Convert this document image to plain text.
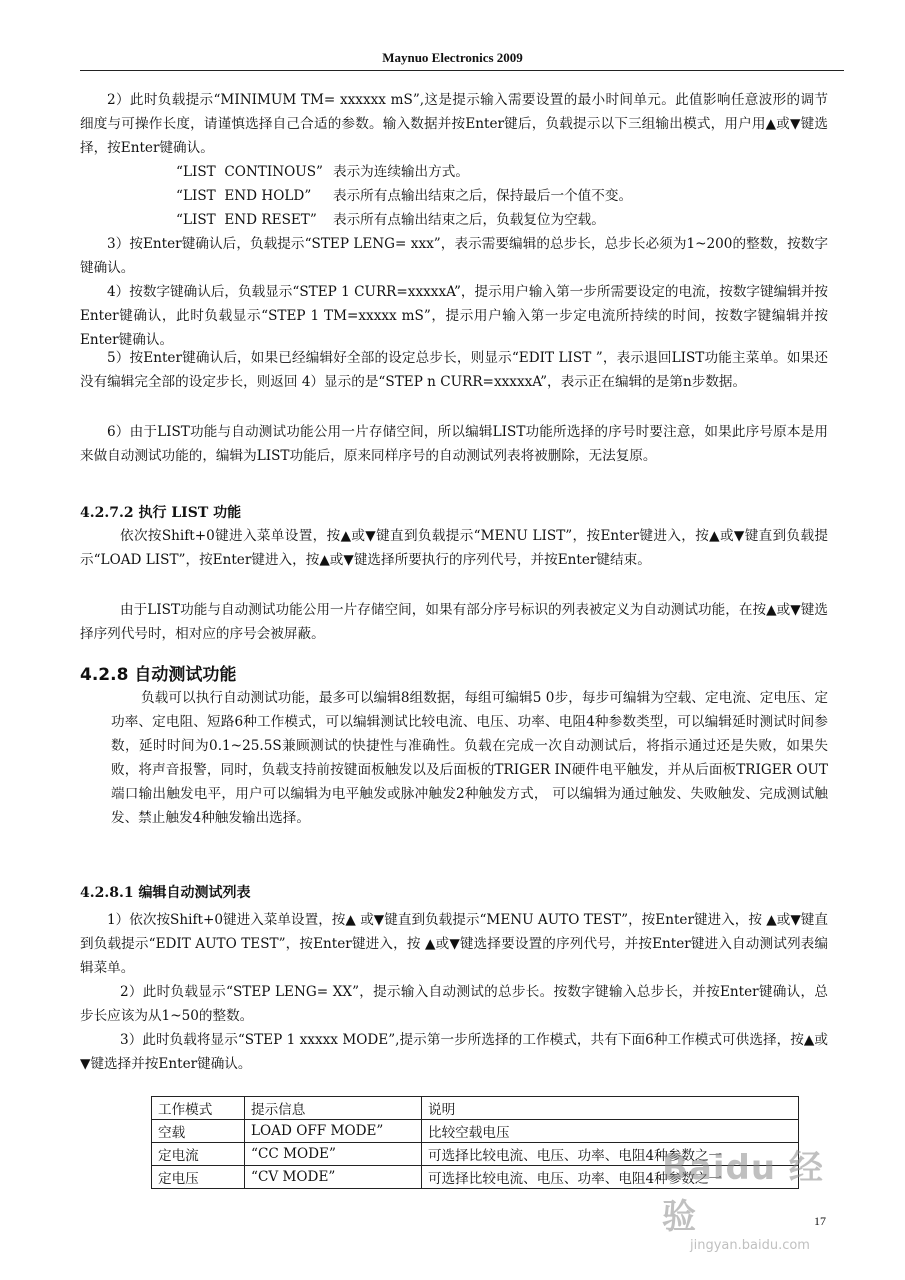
Maynuo Electronics 2009

2）此时负载提示“MINIMUM TM= xxxxxx mS”,这是提示输入需要设置的最小时间单元。此值影响任意波形的调节细度与可操作长度，请谨慎选择自己合适的参数。输入数据并按Enter键后，负载提示以下三组输出模式，用户用▲或▼键选择，按Enter键确认。

“LIST  CONTINOUS” 表示为连续输出方式。
“LIST  END HOLD” 表示所有点输出结束之后，保持最后一个值不变。
“LIST  END RESET” 表示所有点输出结束之后，负载复位为空载。

3）按Enter键确认后，负载提示“STEP LENG= xxx”，表示需要编辑的总步长，总步长必须为1~200的整数，按数字键确认。

4）按数字键确认后，负载显示“STEP 1 CURR=xxxxxA”，提示用户输入第一步所需要设定的电流，按数字键编辑并按Enter键确认，此时负载显示“STEP 1 TM=xxxxx mS”，提示用户输入第一步定电流所持续的时间，按数字键编辑并按Enter键确认。

5）按Enter键确认后，如果已经编辑好全部的设定总步长，则显示“EDIT LIST ”，表示退回LIST功能主菜单。如果还没有编辑完全部的设定步长，则返回 4）显示的是“STEP n CURR=xxxxxA”，表示正在编辑的是第n步数据。

6）由于LIST功能与自动测试功能公用一片存储空间，所以编辑LIST功能所选择的序号时要注意，如果此序号原本是用来做自动测试功能的，编辑为LIST功能后，原来同样序号的自动测试列表将被删除，无法复原。

4.2.7.2 执行 LIST 功能

依次按Shift+0键进入菜单设置，按▲或▼键直到负载提示“MENU LIST”，按Enter键进入，按▲或▼键直到负载提示“LOAD LIST”，按Enter键进入，按▲或▼键选择所要执行的序列代号，并按Enter键结束。

由于LIST功能与自动测试功能公用一片存储空间，如果有部分序号标识的列表被定义为自动测试功能，在按▲或▼键选择序列代号时，相对应的序号会被屏蔽。

4.2.8 自动测试功能

负载可以执行自动测试功能，最多可以编辑8组数据，每组可编辑5 0步，每步可编辑为空载、定电流、定电压、定功率、定电阻、短路6种工作模式，可以编辑测试比较电流、电压、功率、电阻4种参数类型，可以编辑延时测试时间参数，延时时间为0.1~25.5S兼顾测试的快捷性与准确性。负载在完成一次自动测试后，将指示通过还是失败，如果失败，将声音报警，同时，负载支持前按键面板触发以及后面板的TRIGER IN硬件电平触发，并从后面板TRIGER OUT端口输出触发电平，用户可以编辑为电平触发或脉冲触发2种触发方式， 可以编辑为通过触发、失败触发、完成测试触发、禁止触发4种触发输出选择。

4.2.8.1 编辑自动测试列表

1）依次按Shift+0键进入菜单设置，按▲ 或▼键直到负载提示“MENU AUTO TEST”，按Enter键进入，按 ▲或▼键直到负载提示“EDIT AUTO TEST”，按Enter键进入，按 ▲或▼键选择要设置的序列代号，并按Enter键进入自动测试列表编辑菜单。

2）此时负载显示“STEP LENG= XX”，提示输入自动测试的总步长。按数字键输入总步长，并按Enter键确认，总步长应该为从1~50的整数。

3）此时负载将显示“STEP 1 xxxxx MODE”,提示第一步所选择的工作模式，共有下面6种工作模式可供选择，按▲或▼键选择并按Enter键确认。

工作模式	提示信息	说明
空载	LOAD OFF MODE”	比较空载电压
定电流	“CC MODE”	可选择比较电流、电压、功率、电阻4种参数之一
定电压	“CV MODE”	可选择比较电流、电压、功率、电阻4种参数之一
Baidu 经验
jingyan.baidu.com
17
